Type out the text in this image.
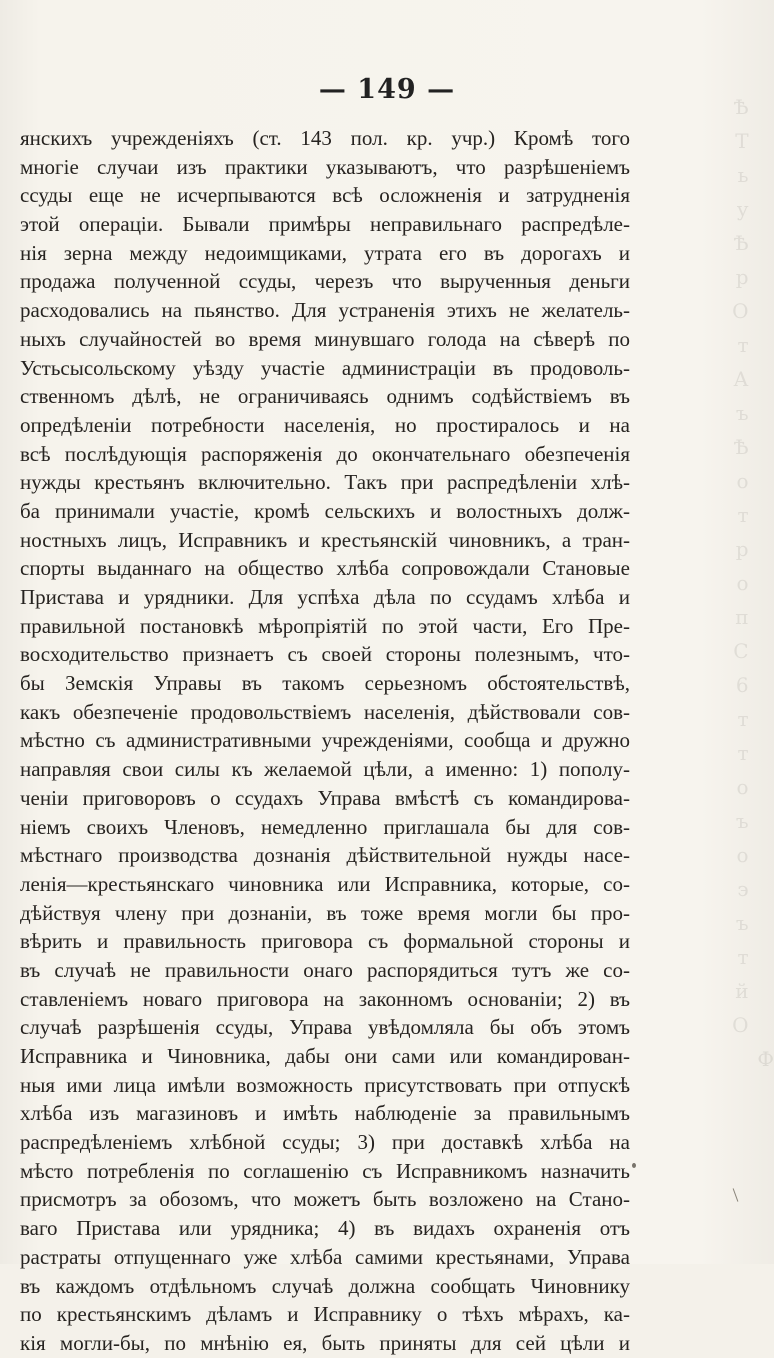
Ѣ
Т
ь
у
Ѣ
р
О
т
А
ъ
Ѣ
о
т
р
о
п
С
6
т
т
о
ъ
о
э
ъ
т
й
О
Ф
— 149 —
янскихъ учрежденіяхъ (ст. 143 пол. кр. учр.) Кромѣ того
многіе случаи изъ практики указываютъ, что разрѣшеніемъ
ссуды еще не исчерпываются всѣ осложненія и затрудненія
этой операціи. Бывали примѣры неправильнаго распредѣле-
нія зерна между недоимщиками, утрата его въ дорогахъ и
продажа полученной ссуды, черезъ что вырученныя деньги
расходовались на пьянство. Для устраненія этихъ не желатель-
ныхъ случайностей во время минувшаго голода на сѣверѣ по
Устьсысольскому уѣзду участіе администраціи въ продоволь-
ственномъ дѣлѣ, не ограничиваясь однимъ содѣйствіемъ въ
опредѣленіи потребности населенія, но простиралось и на
всѣ послѣдующія распоряженія до окончательнаго обезпеченія
нужды крестьянъ включительно. Такъ при распредѣленіи хлѣ-
ба принимали участіе, кромѣ сельскихъ и волостныхъ долж-
ностныхъ лицъ, Исправникъ и крестьянскій чиновникъ, а тран-
спорты выданнаго на общество хлѣба сопровождали Становые
Пристава и урядники. Для успѣха дѣла по ссудамъ хлѣба и
правильной постановкѣ мѣропріятій по этой части, Его Пре-
восходительство признаетъ съ своей стороны полезнымъ, что-
бы Земскія Управы въ такомъ серьезномъ обстоятельствѣ,
какъ обезпеченіе продовольствіемъ населенія, дѣйствовали сов-
мѣстно съ административными учрежденіями, сообща и дружно
направляя свои силы къ желаемой цѣли, а именно: 1) пополу-
ченіи приговоровъ о ссудахъ Управа вмѣстѣ съ командирова-
ніемъ своихъ Членовъ, немедленно приглашала бы для сов-
мѣстнаго производства дознанія дѣйствительной нужды насе-
ленія—крестьянскаго чиновника или Исправника, которые, со-
дѣйствуя члену при дознаніи, въ тоже время могли бы про-
вѣрить и правильность приговора съ формальной стороны и
въ случаѣ не правильности онаго распорядиться тутъ же со-
ставленіемъ новаго приговора на законномъ основаніи; 2) въ
случаѣ разрѣшенія ссуды, Управа увѣдомляла бы объ этомъ
Исправника и Чиновника, дабы они сами или командирован-
ныя ими лица имѣли возможность присутствовать при отпускѣ
хлѣба изъ магазиновъ и имѣть наблюденіе за правильнымъ
распредѣленіемъ хлѣбной ссуды; 3) при доставкѣ хлѣба на
мѣсто потребленія по соглашенію съ Исправникомъ назначить
присмотръ за обозомъ, что можетъ быть возложено на Стано-
ваго Пристава или урядника; 4) въ видахъ охраненія отъ
растраты отпущеннаго уже хлѣба самими крестьянами, Управа
въ каждомъ отдѣльномъ случаѣ должна сообщать Чиновнику
по крестьянскимъ дѣламъ и Исправнику о тѣхъ мѣрахъ, ка-
кія могли-бы, по мнѣнію ея, быть приняты для сей цѣли и
